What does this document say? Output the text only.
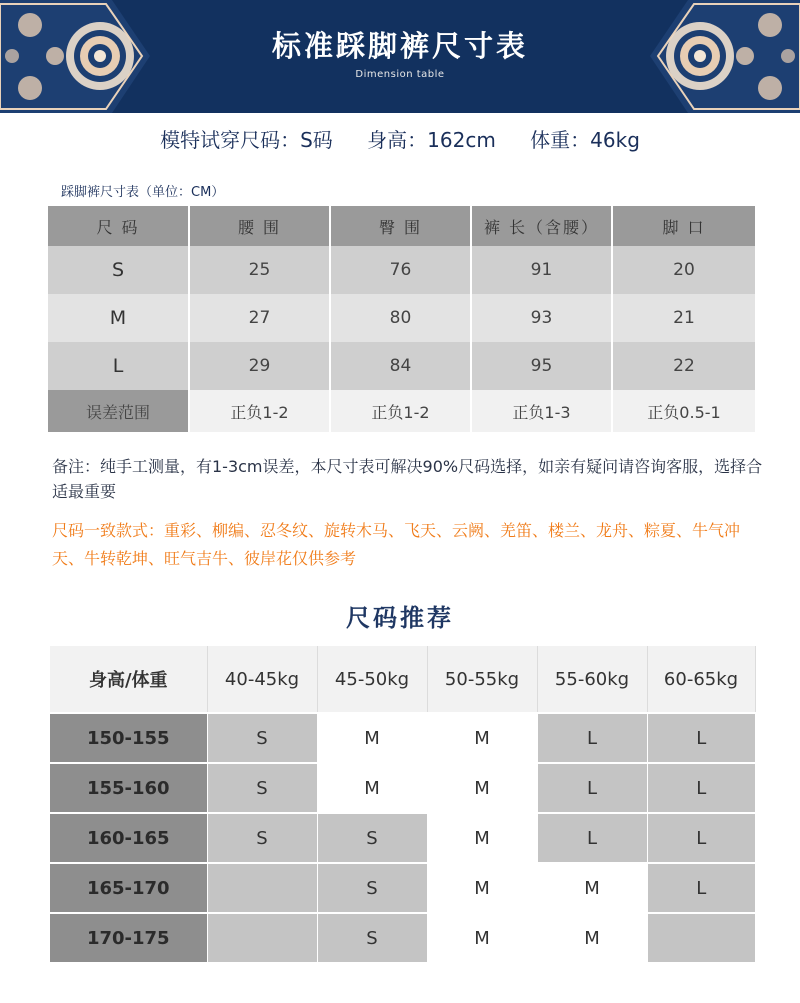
标准踩脚裤尺寸表
Dimension table
模特试穿尺码：S码 身高：162cm 体重：46kg
踩脚裤尺寸表（单位：CM）
尺 码	腰 围	臀 围	裤 长（含腰）	脚 口
S	25	76	91	20
M	27	80	93	21
L	29	84	95	22
误差范围	正负1-2	正负1-2	正负1-3	正负0.5-1
备注：纯手工测量，有1-3cm误差，本尺寸表可解决90%尺码选择，如亲有疑问请咨询客服，选择合适最重要
尺码一致款式：重彩、柳编、忍冬纹、旋转木马、飞天、云阙、羌笛、楼兰、龙舟、粽夏、牛气冲天、牛转乾坤、旺气吉牛、彼岸花仅供参考
尺码推荐
身高/体重	40-45kg	45-50kg	50-55kg	55-60kg	60-65kg
150-155	S	M	M	L	L
155-160	S	M	M	L	L
160-165	S	S	M	L	L
165-170		S	M	M	L
170-175		S	M	M	
